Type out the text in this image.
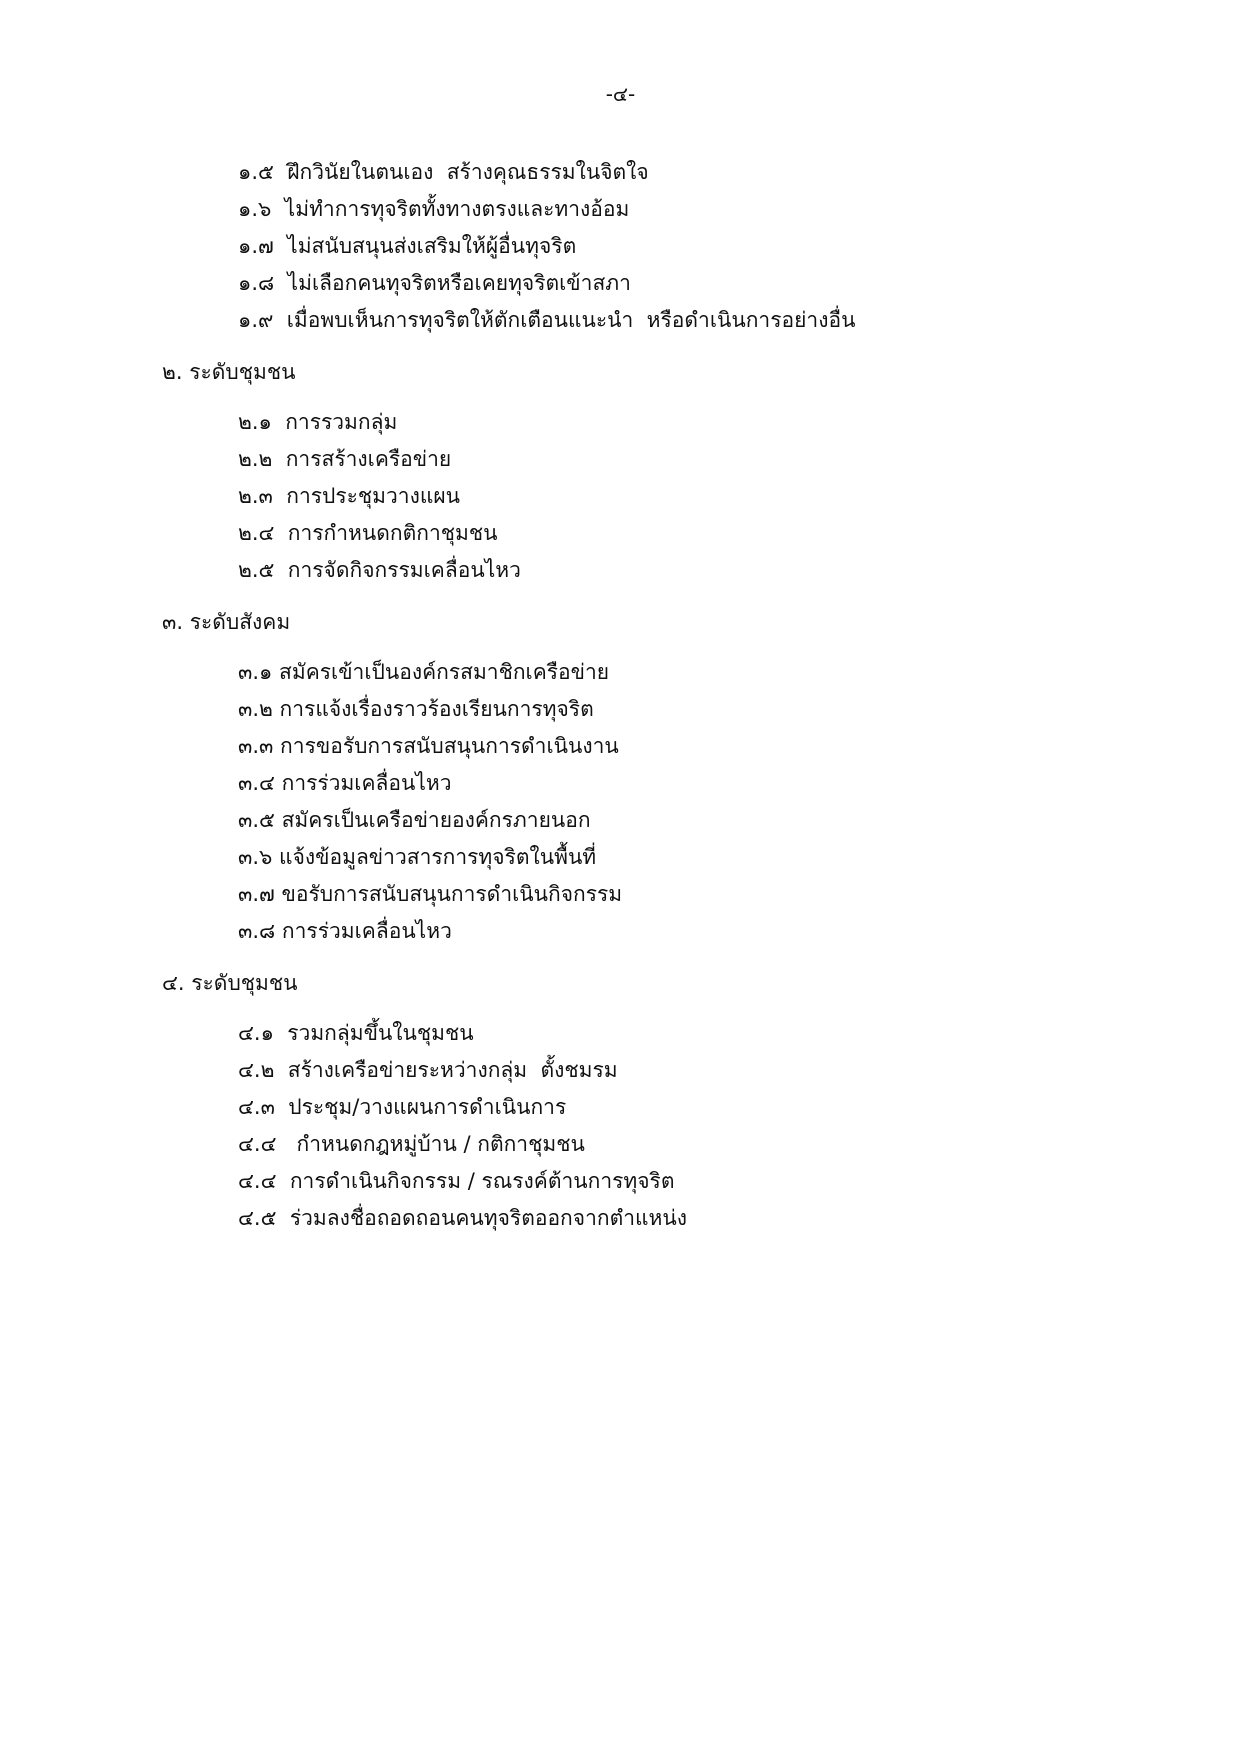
-๔-
๑.๕  ฝึกวินัยในตนเอง  สร้างคุณธรรมในจิตใจ
๑.๖  ไม่ทำการทุจริตทั้งทางตรงและทางอ้อม
๑.๗  ไม่สนับสนุนส่งเสริมให้ผู้อื่นทุจริต
๑.๘  ไม่เลือกคนทุจริตหรือเคยทุจริตเข้าสภา
๑.๙  เมื่อพบเห็นการทุจริตให้ตักเตือนแนะนำ  หรือดำเนินการอย่างอื่น
๒. ระดับชุมชน
๒.๑  การรวมกลุ่ม
๒.๒  การสร้างเครือข่าย
๒.๓  การประชุมวางแผน
๒.๔  การกำหนดกติกาชุมชน
๒.๕  การจัดกิจกรรมเคลื่อนไหว
๓. ระดับสังคม
๓.๑ สมัครเข้าเป็นองค์กรสมาชิกเครือข่าย
๓.๒ การแจ้งเรื่องราวร้องเรียนการทุจริต
๓.๓ การขอรับการสนับสนุนการดำเนินงาน
๓.๔ การร่วมเคลื่อนไหว
๓.๕ สมัครเป็นเครือข่ายองค์กรภายนอก
๓.๖ แจ้งข้อมูลข่าวสารการทุจริตในพื้นที่
๓.๗ ขอรับการสนับสนุนการดำเนินกิจกรรม
๓.๘ การร่วมเคลื่อนไหว
๔. ระดับชุมชน
๔.๑  รวมกลุ่มขึ้นในชุมชน
๔.๒  สร้างเครือข่ายระหว่างกลุ่ม  ตั้งชมรม
๔.๓  ประชุม/วางแผนการดำเนินการ
๔.๔   กำหนดกฎหมู่บ้าน / กติกาชุมชน
๔.๔  การดำเนินกิจกรรม / รณรงค์ต้านการทุจริต
๔.๕  ร่วมลงชื่อถอดถอนคนทุจริตออกจากตำแหน่ง
